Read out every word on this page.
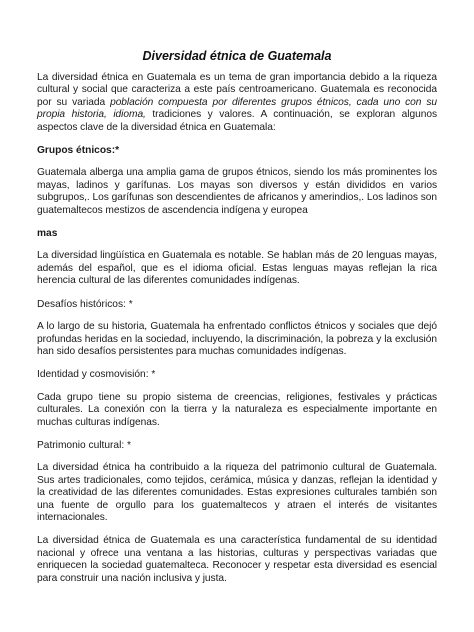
Diversidad étnica de Guatemala

La diversidad étnica en Guatemala es un tema de gran importancia debido a la riqueza cultural y social que caracteriza a este país centroamericano. Guatemala es reconocida por su variada población compuesta por diferentes grupos étnicos, cada uno con su propia historia, idioma, tradiciones y valores. A continuación, se exploran algunos aspectos clave de la diversidad étnica en Guatemala:

Grupos étnicos:*

Guatemala alberga una amplia gama de grupos étnicos, siendo los más prominentes los mayas, ladinos y garífunas. Los mayas son diversos y están divididos en varios subgrupos,. Los garífunas son descendientes de africanos y amerindios,. Los ladinos son guatemaltecos mestizos de ascendencia indígena y europea

mas

La diversidad lingüística en Guatemala es notable. Se hablan más de 20 lenguas mayas, además del español, que es el idioma oficial. Estas lenguas mayas reflejan la rica herencia cultural de las diferentes comunidades indígenas.

Desafíos históricos: *

A lo largo de su historia, Guatemala ha enfrentado conflictos étnicos y sociales que dejó profundas heridas en la sociedad, incluyendo, la discriminación, la pobreza y la exclusión han sido desafíos persistentes para muchas comunidades indígenas.

Identidad y cosmovisión: *

Cada grupo tiene su propio sistema de creencias, religiones, festivales y prácticas culturales. La conexión con la tierra y la naturaleza es especialmente importante en muchas culturas indígenas.

Patrimonio cultural: *

La diversidad étnica ha contribuido a la riqueza del patrimonio cultural de Guatemala. Sus artes tradicionales, como tejidos, cerámica, música y danzas, reflejan la identidad y la creatividad de las diferentes comunidades. Estas expresiones culturales también son una fuente de orgullo para los guatemaltecos y atraen el interés de visitantes internacionales.

La diversidad étnica de Guatemala es una característica fundamental de su identidad nacional y ofrece una ventana a las historias, culturas y perspectivas variadas que enriquecen la sociedad guatemalteca. Reconocer y respetar esta diversidad es esencial para construir una nación inclusiva y justa.
